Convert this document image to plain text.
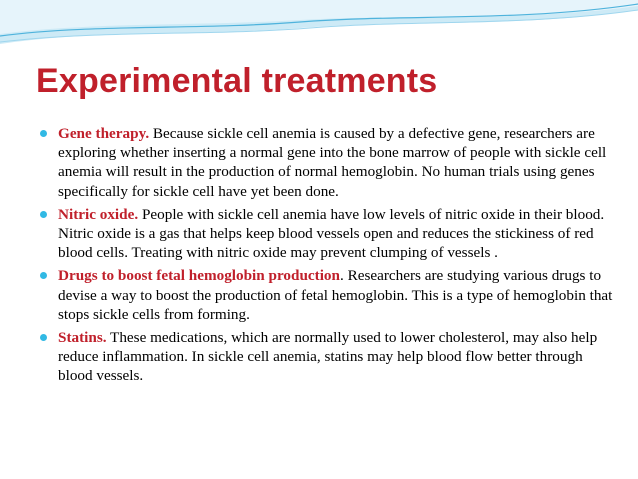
Experimental treatments
Gene therapy. Because sickle cell anemia is caused by a defective gene, researchers are exploring whether inserting a normal gene into the bone marrow of people with sickle cell anemia will result in the production of normal hemoglobin. No human trials using genes specifically for sickle cell have yet been done.
Nitric oxide. People with sickle cell anemia have low levels of nitric oxide in their blood. Nitric oxide is a gas that helps keep blood vessels open and reduces the stickiness of red blood cells. Treating with nitric oxide may prevent clumping of vessels .
Drugs to boost fetal hemoglobin production. Researchers are studying various drugs to devise a way to boost the production of fetal hemoglobin. This is a type of hemoglobin that stops sickle cells from forming.
Statins. These medications, which are normally used to lower cholesterol, may also help reduce inflammation. In sickle cell anemia, statins may help blood flow better through blood vessels.
